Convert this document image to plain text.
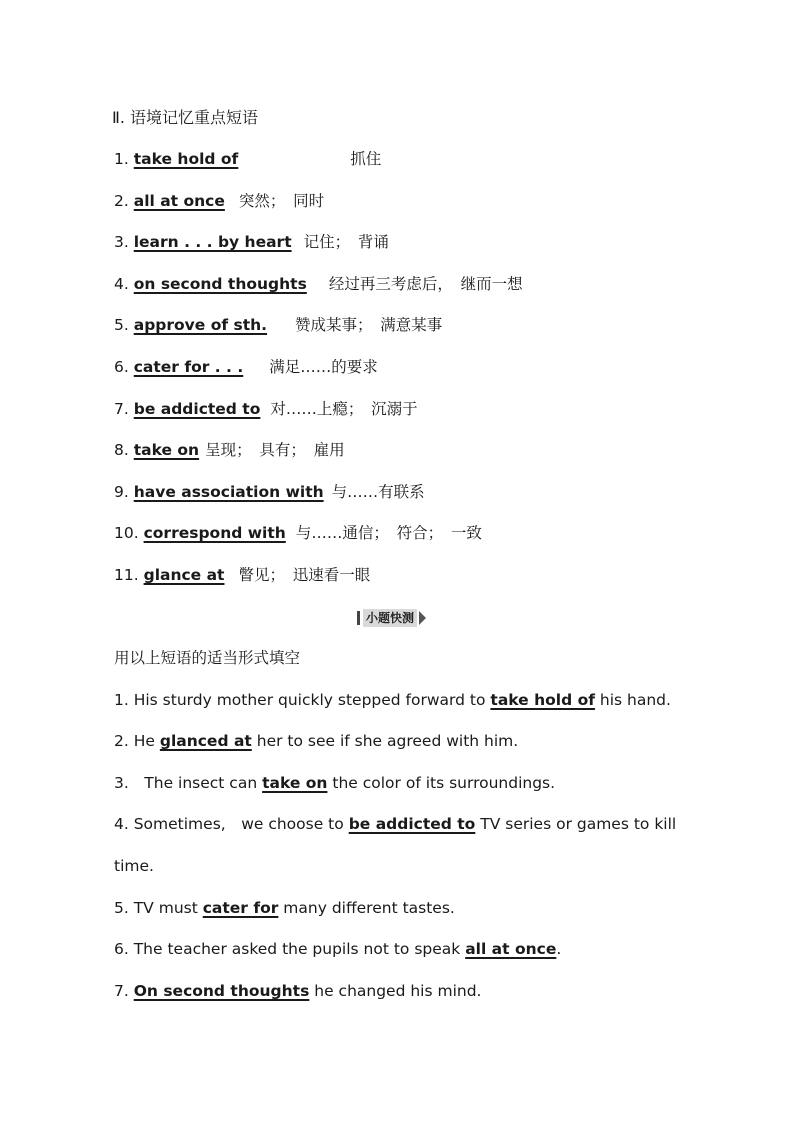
Ⅱ. 语境记忆重点短语
1. take hold of	抓住
2. all at once 突然；　同时
3. learn . . . by heart 记住；　背诵
4. on second thoughts 经过再三考虑后，　继而一想
5. approve of sth. 赞成某事；　满意某事
6. cater for . . . 满足……的要求
7. be addicted to 对……上瘾；　沉溺于
8. take on 呈现；　具有；　雇用
9. have association with 与……有联系
10. correspond with 与……通信；　符合；　一致
11. glance at 瞥见；　迅速看一眼
小题快测
用以上短语的适当形式填空
1. His sturdy mother quickly stepped forward to take hold of his hand.
2. He glanced at her to see if she agreed with him.
3.　The insect can take on the color of its surroundings.
4. Sometimes,　we choose to be addicted to TV series or games to kill
time.
5. TV must cater for many different tastes.
6. The teacher asked the pupils not to speak all at once.
7. On second thoughts he changed his mind.
